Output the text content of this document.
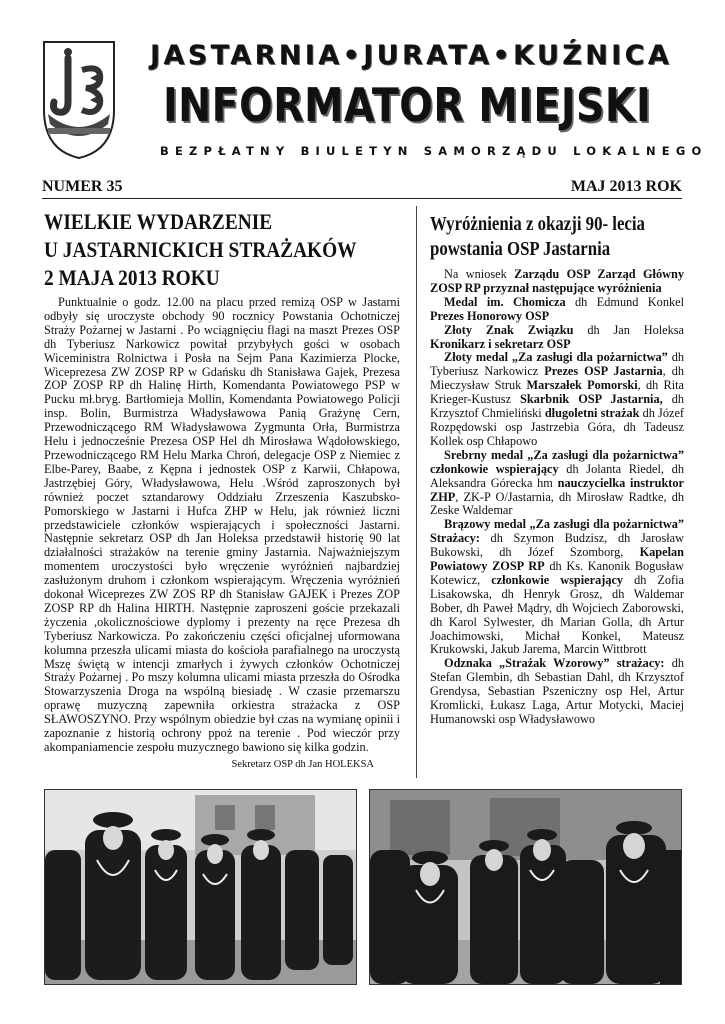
JASTARNIA•JURATA•KUŹNICA
INFORMATOR MIEJSKI
BEZPŁATNY BIULETYN SAMORZĄDU LOKALNEGO
NUMER 35	MAJ 2013 ROK
WIELKIE WYDARZENIE
U JASTARNICKICH STRAŻAKÓW
2 MAJA 2013 ROKU

Punktualnie o godz. 12.00 na placu przed remizą OSP w Jastarni odbyły się uroczyste obchody 90 rocznicy Powstania Ochotniczej Straży Pożarnej w Jastarni . Po wciągnięciu flagi na maszt Prezes OSP dh Tyberiusz Narkowicz powitał przybyłych gości w osobach Wiceministra Rolnictwa i Posła na Sejm Pana Kazimierza Plocke, Wiceprezesa ZW ZOSP RP w Gdańsku dh Stanisława Gajek, Prezesa ZOP ZOSP RP dh Halinę Hirth, Komendanta Powiatowego PSP w Pucku mł.bryg. Bartłomieja Mollin, Komendanta Powiatowego Policji insp. Bolin, Burmistrza Władysławowa Panią Grażynę Cern, Przewodniczącego RM Władysławowa Zygmunta Orła, Burmistrza Helu i jednocześnie Prezesa OSP Hel dh Mirosława Wądołowskiego, Przewodniczącego RM Helu Marka Chroń, delegacje OSP z Niemiec z Elbe-Parey, Baabe, z Kępna i jednostek OSP z Karwii, Chłapowa, Jastrzębiej Góry, Władysławowa, Helu .Wśród zaproszonych był również poczet sztandarowy Oddziału Zrzeszenia Kaszubsko-Pomorskiego w Jastarni i Hufca ZHP w Helu, jak również liczni przedstawiciele członków wspierających i społeczności Jastarni. Następnie sekretarz OSP dh Jan Holeksa przedstawił historię 90 lat działalności strażaków na terenie gminy Jastarnia. Najważniejszym momentem uroczystości było wręczenie wyróżnień najbardziej zasłużonym druhom i członkom wspierającym. Wręczenia wyróżnień dokonał Wiceprezes ZW ZOS RP dh Stanisław GAJEK i Prezes ZOP ZOSP RP dh Halina HIRTH. Następnie zaproszeni goście przekazali życzenia ,okolicznościowe dyplomy i prezenty na ręce Prezesa dh Tyberiusz Narkowicza. Po zakończeniu części oficjalnej uformowana kolumna przeszła ulicami miasta do kościoła parafialnego na uroczystą Mszę świętą w intencji zmarłych i żywych członków Ochotniczej Straży Pożarnej . Po mszy kolumna ulicami miasta przeszła do Ośrodka Stowarzyszenia Droga na wspólną biesiadę . W czasie przemarszu oprawę muzyczną zapewniła orkiestra strażacka z OSP SŁAWOSZYNO. Przy wspólnym obiedzie był czas na wymianę opinii i zapoznanie z historią ochrony ppoż na terenie . Pod wieczór przy akompaniamencie zespołu muzycznego bawiono się kilka godzin.

Sekretarz OSP dh Jan HOLEKSA
Wyróżnienia z okazji 90- lecia
powstania OSP Jastarnia

Na wniosek Zarządu OSP Zarząd Główny ZOSP RP przyznał następujące wyróżnienia

Medal im. Chomicza dh Edmund Konkel Prezes Honorowy OSP

Złoty Znak Związku dh Jan Holeksa Kronikarz i sekretarz OSP

Złoty medal „Za zasługi dla pożarnictwa” dh Tyberiusz Narkowicz Prezes OSP Jastarnia, dh Mieczysław Struk Marszałek Pomorski, dh Rita Krieger-Kustusz Skarbnik OSP Jastarnia, dh Krzysztof Chmieliński długoletni strażak dh Józef Rozpędowski osp Jastrzebia Góra, dh Tadeusz Kollek osp Chłapowo

Srebrny medal „Za zasługi dla pożarnictwa” członkowie wspierający dh Jolanta Riedel, dh Aleksandra Górecka hm nauczycielka instruktor ZHP, ZK-P O/Jastarnia, dh Mirosław Radtke, dh Zeske Waldemar

Brązowy medal „Za zasługi dla pożarnictwa” Strażacy: dh Szymon Budzisz, dh Jarosław Bukowski, dh Józef Szomborg, Kapelan Powiatowy ZOSP RP dh Ks. Kanonik Bogusław Kotewicz, członkowie wspierający dh Zofia Lisakowska, dh Henryk Grosz, dh Waldemar Bober, dh Paweł Mądry, dh Wojciech Zaborowski, dh Karol Sylwester, dh Marian Golla, dh Artur Joachimowski, Michał Konkel, Mateusz Krukowski, Jakub Jarema, Marcin Wittbrott

Odznaka „Strażak Wzorowy” strażacy: dh Stefan Glembin, dh Sebastian Dahl, dh Krzysztof Grendysa, Sebastian Pszeniczny osp Hel, Artur Kromlicki, Łukasz Laga, Artur Motycki, Maciej Humanowski osp Władysławowo
